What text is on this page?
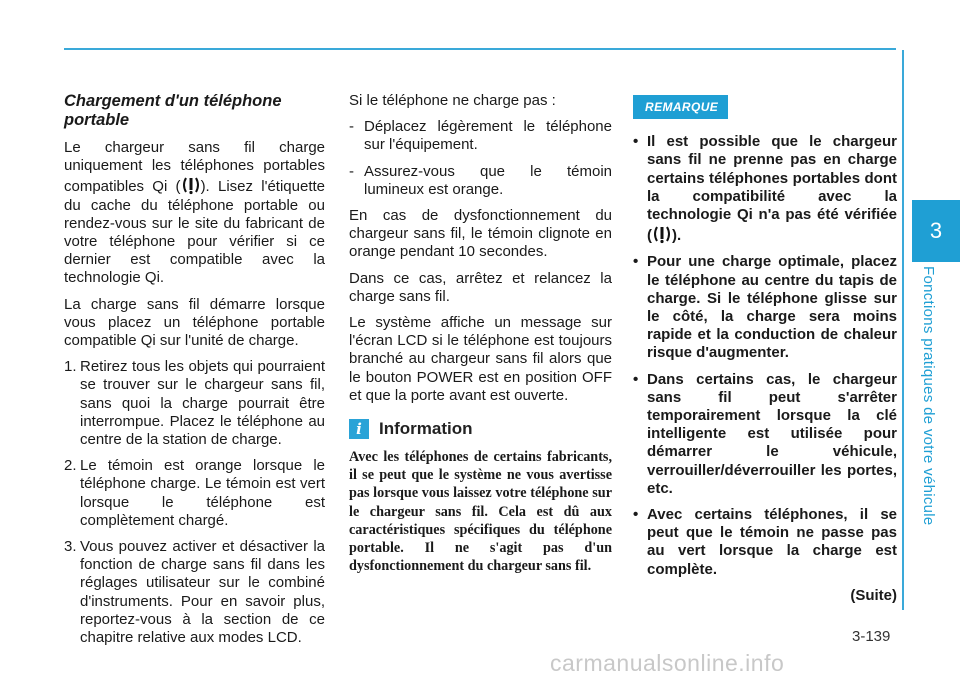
3
Fonctions pratiques de votre véhicule
Chargement d'un téléphone portable

Le chargeur sans fil charge uniquement les téléphones portables compatibles Qi ( ). Lisez l'étiquette du cache du téléphone portable ou rendez-vous sur le site du fabricant de votre téléphone pour vérifier si ce dernier est compatible avec la technologie Qi.

La charge sans fil démarre lorsque vous placez un téléphone portable compatible Qi sur l'unité de charge.

1. Retirez tous les objets qui pourraient se trouver sur le chargeur sans fil, sans quoi la charge pourrait être interrompue. Placez le téléphone au centre de la station de charge.
2. Le témoin est orange lorsque le téléphone charge. Le témoin est vert lorsque le téléphone est complètement chargé.
3. Vous pouvez activer et désactiver la fonction de charge sans fil dans les réglages utilisateur sur le combiné d'instruments. Pour en savoir plus, reportez-vous à la section de ce chapitre relative aux modes LCD.

Si le téléphone ne charge pas :

- Déplacez légèrement le téléphone sur l'équipement.
- Assurez-vous que le témoin lumineux est orange.

En cas de dysfonctionnement du chargeur sans fil, le témoin clignote en orange pendant 10 secondes.

Dans ce cas, arrêtez et relancez la charge sans fil.

Le système affiche un message sur l'écran LCD si le téléphone est toujours branché au chargeur sans fil alors que le bouton POWER est en position OFF et que la porte avant est ouverte.

i	Information
Avec les téléphones de certains fabricants, il se peut que le système ne vous avertisse pas lorsque vous laissez votre téléphone sur le chargeur sans fil. Cela est dû aux caractéristiques spécifiques du téléphone portable. Il ne s'agit pas d'un dysfonctionnement du chargeur sans fil.
REMARQUE
• Il est possible que le chargeur sans fil ne prenne pas en charge certains téléphones portables dont la compatibilité avec la technologie Qi n'a pas été vérifiée ( ).
• Pour une charge optimale, placez le téléphone au centre du tapis de charge. Si le téléphone glisse sur le côté, la charge sera moins rapide et la conduction de chaleur risque d'augmenter.
• Dans certains cas, le chargeur sans fil peut s'arrêter temporairement lorsque la clé intelligente est utilisée pour démarrer le véhicule, verrouiller/déverrouiller les portes, etc.
• Avec certains téléphones, il se peut que le témoin ne passe pas au vert lorsque la charge est complète.
(Suite)
3-139
carmanualsonline.info
